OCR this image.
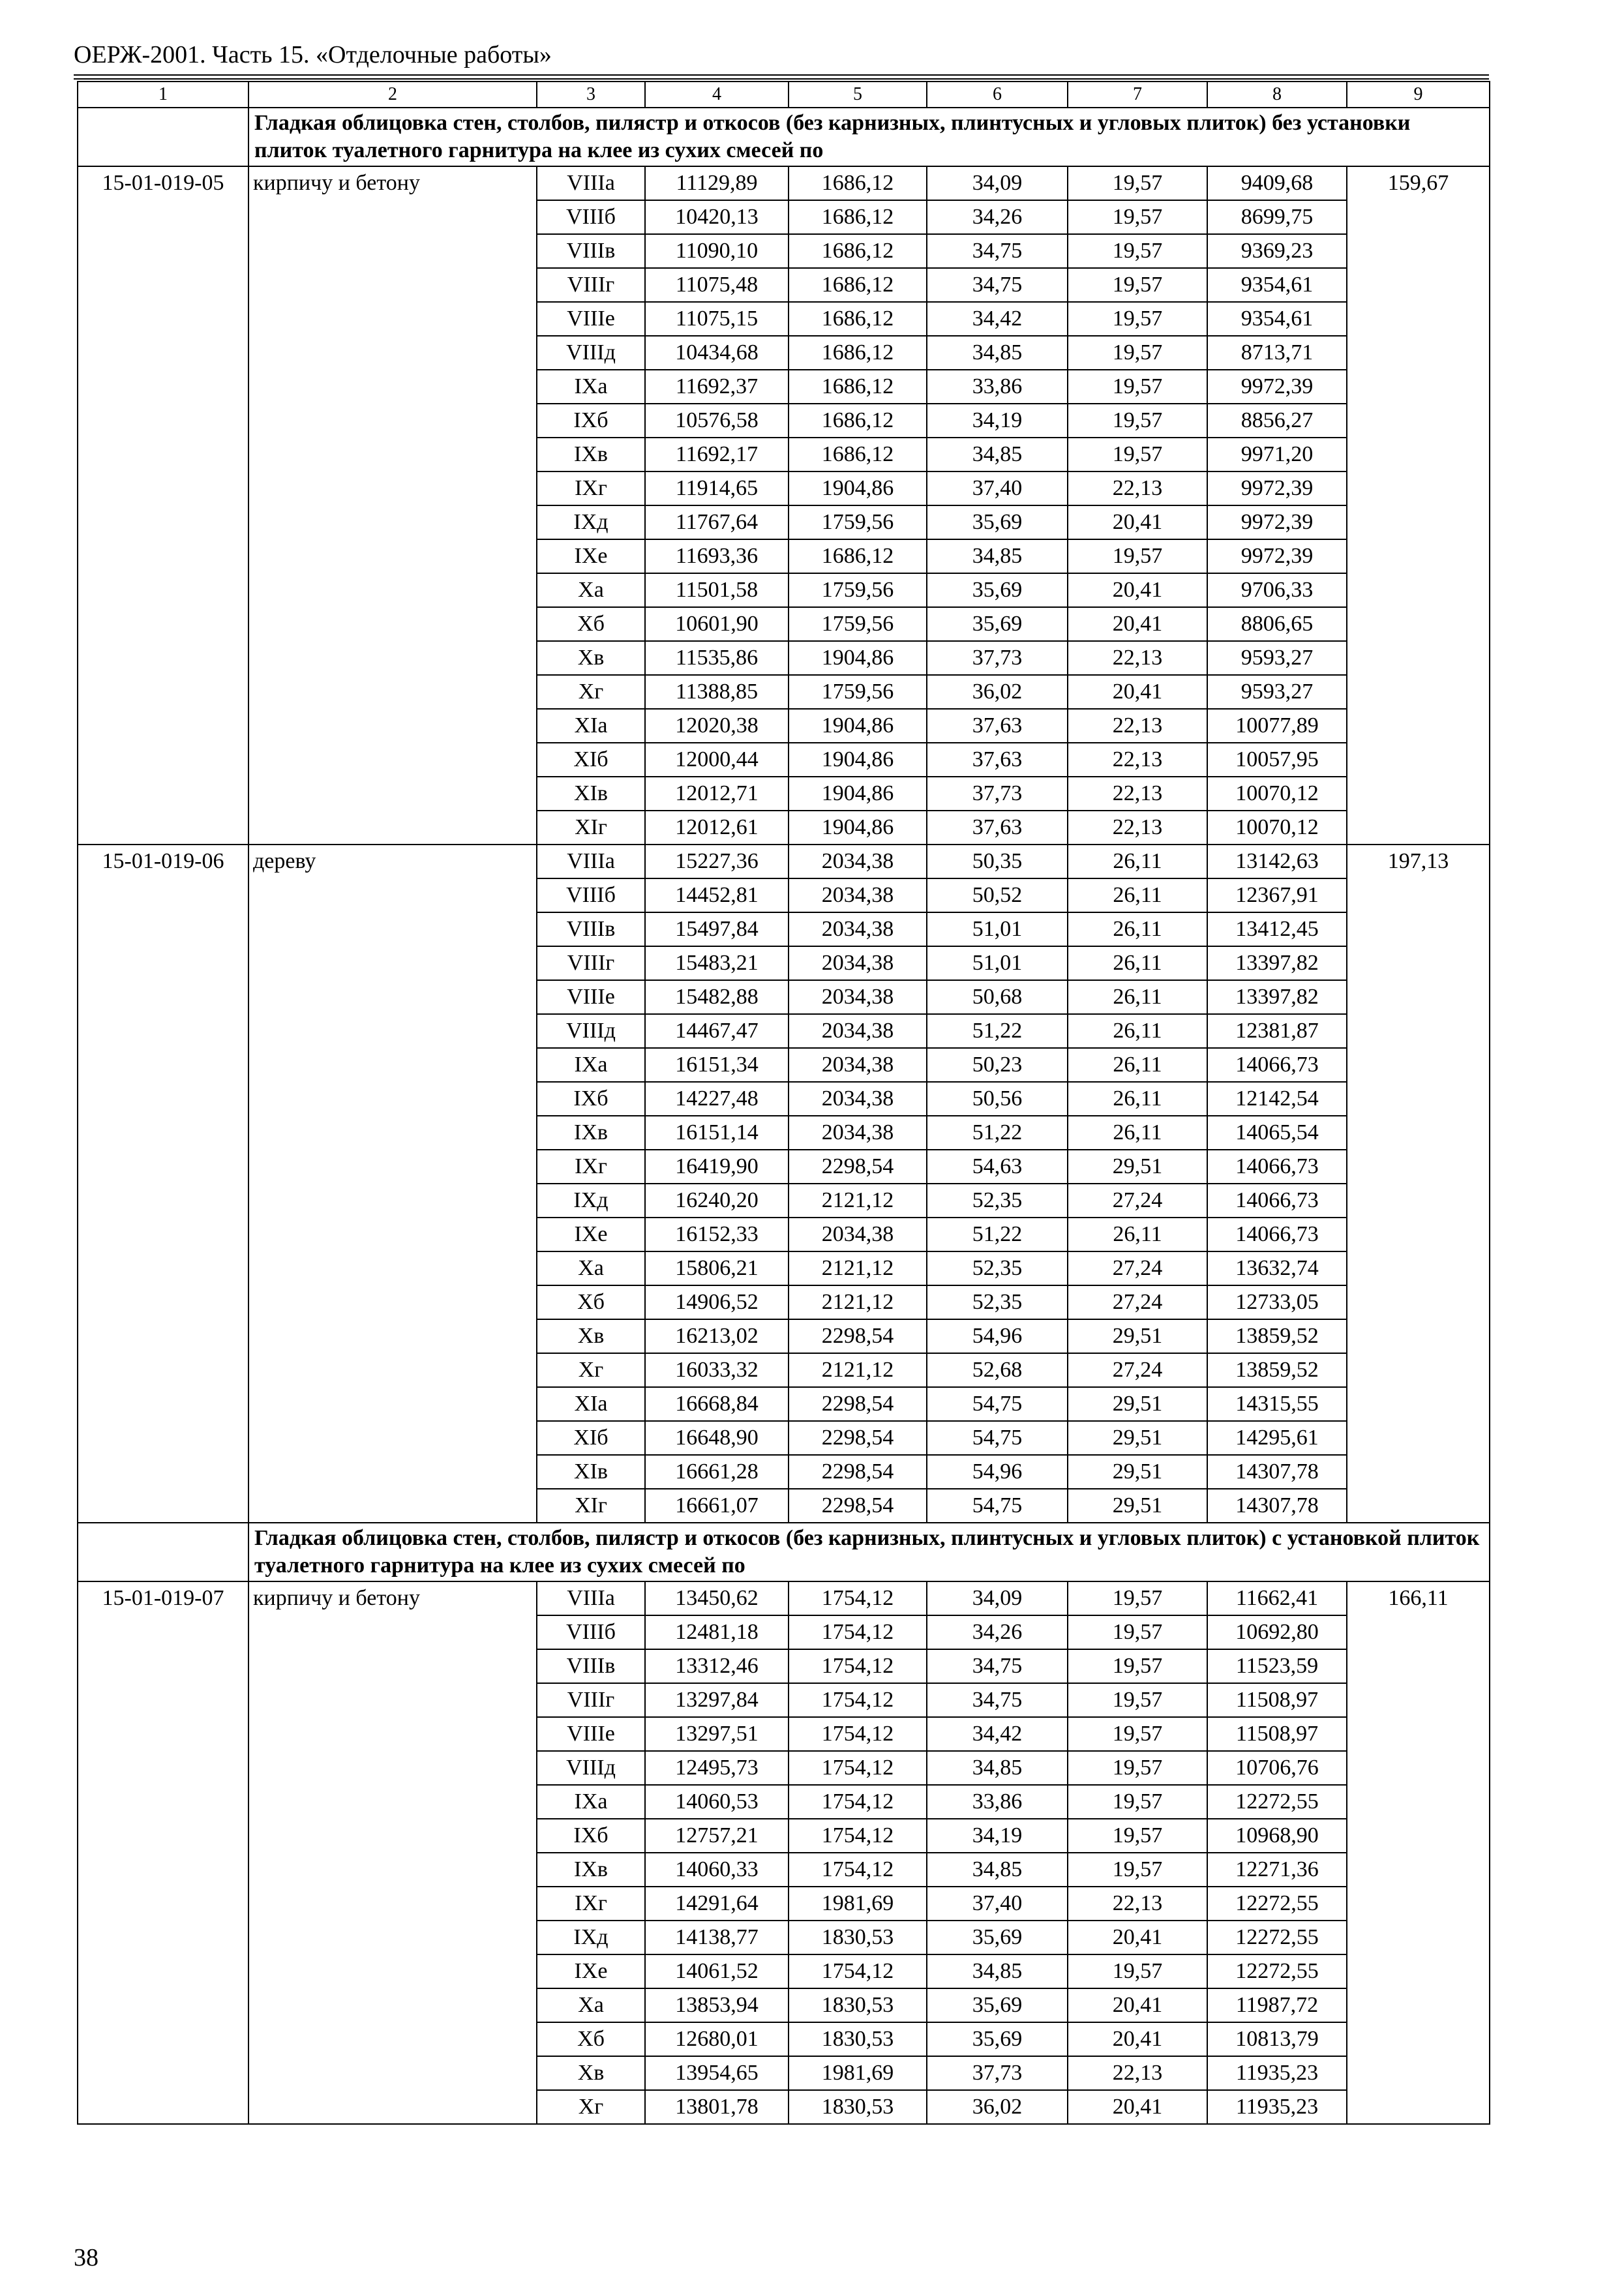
ОЕРЖ-2001. Часть 15. «Отделочные работы»
1	2	3	4	5	6	7	8	9
	Гладкая облицовка стен, столбов, пилястр и откосов (без карнизных, плинтусных и угловых плиток) без установки плиток туалетного гарнитура на клее из сухих смесей по							
15-01-019-05	кирпичу и бетону	VIIIа	11129,89	1686,12	34,09	19,57	9409,68	159,67
		VIIIб	10420,13	1686,12	34,26	19,57	8699,75	
		VIIIв	11090,10	1686,12	34,75	19,57	9369,23	
		VIIIг	11075,48	1686,12	34,75	19,57	9354,61	
		VIIIе	11075,15	1686,12	34,42	19,57	9354,61	
		VIIIд	10434,68	1686,12	34,85	19,57	8713,71	
		IXа	11692,37	1686,12	33,86	19,57	9972,39	
		IXб	10576,58	1686,12	34,19	19,57	8856,27	
		IXв	11692,17	1686,12	34,85	19,57	9971,20	
		IXг	11914,65	1904,86	37,40	22,13	9972,39	
		IXд	11767,64	1759,56	35,69	20,41	9972,39	
		IXе	11693,36	1686,12	34,85	19,57	9972,39	
		Xа	11501,58	1759,56	35,69	20,41	9706,33	
		Xб	10601,90	1759,56	35,69	20,41	8806,65	
		Xв	11535,86	1904,86	37,73	22,13	9593,27	
		Xг	11388,85	1759,56	36,02	20,41	9593,27	
		XIа	12020,38	1904,86	37,63	22,13	10077,89	
		XIб	12000,44	1904,86	37,63	22,13	10057,95	
		XIв	12012,71	1904,86	37,73	22,13	10070,12	
		XIг	12012,61	1904,86	37,63	22,13	10070,12	
15-01-019-06	дереву	VIIIа	15227,36	2034,38	50,35	26,11	13142,63	197,13
		VIIIб	14452,81	2034,38	50,52	26,11	12367,91	
		VIIIв	15497,84	2034,38	51,01	26,11	13412,45	
		VIIIг	15483,21	2034,38	51,01	26,11	13397,82	
		VIIIе	15482,88	2034,38	50,68	26,11	13397,82	
		VIIIд	14467,47	2034,38	51,22	26,11	12381,87	
		IXа	16151,34	2034,38	50,23	26,11	14066,73	
		IXб	14227,48	2034,38	50,56	26,11	12142,54	
		IXв	16151,14	2034,38	51,22	26,11	14065,54	
		IXг	16419,90	2298,54	54,63	29,51	14066,73	
		IXд	16240,20	2121,12	52,35	27,24	14066,73	
		IXе	16152,33	2034,38	51,22	26,11	14066,73	
		Xа	15806,21	2121,12	52,35	27,24	13632,74	
		Xб	14906,52	2121,12	52,35	27,24	12733,05	
		Xв	16213,02	2298,54	54,96	29,51	13859,52	
		Xг	16033,32	2121,12	52,68	27,24	13859,52	
		XIа	16668,84	2298,54	54,75	29,51	14315,55	
		XIб	16648,90	2298,54	54,75	29,51	14295,61	
		XIв	16661,28	2298,54	54,96	29,51	14307,78	
		XIг	16661,07	2298,54	54,75	29,51	14307,78	
	Гладкая облицовка стен, столбов, пилястр и откосов (без карнизных, плинтусных и угловых плиток) с установкой плиток туалетного гарнитура на клее из сухих смесей по							
15-01-019-07	кирпичу и бетону	VIIIа	13450,62	1754,12	34,09	19,57	11662,41	166,11
		VIIIб	12481,18	1754,12	34,26	19,57	10692,80	
		VIIIв	13312,46	1754,12	34,75	19,57	11523,59	
		VIIIг	13297,84	1754,12	34,75	19,57	11508,97	
		VIIIе	13297,51	1754,12	34,42	19,57	11508,97	
		VIIIд	12495,73	1754,12	34,85	19,57	10706,76	
		IXа	14060,53	1754,12	33,86	19,57	12272,55	
		IXб	12757,21	1754,12	34,19	19,57	10968,90	
		IXв	14060,33	1754,12	34,85	19,57	12271,36	
		IXг	14291,64	1981,69	37,40	22,13	12272,55	
		IXд	14138,77	1830,53	35,69	20,41	12272,55	
		IXе	14061,52	1754,12	34,85	19,57	12272,55	
		Xа	13853,94	1830,53	35,69	20,41	11987,72	
		Xб	12680,01	1830,53	35,69	20,41	10813,79	
		Xв	13954,65	1981,69	37,73	22,13	11935,23	
		Xг	13801,78	1830,53	36,02	20,41	11935,23	
38
